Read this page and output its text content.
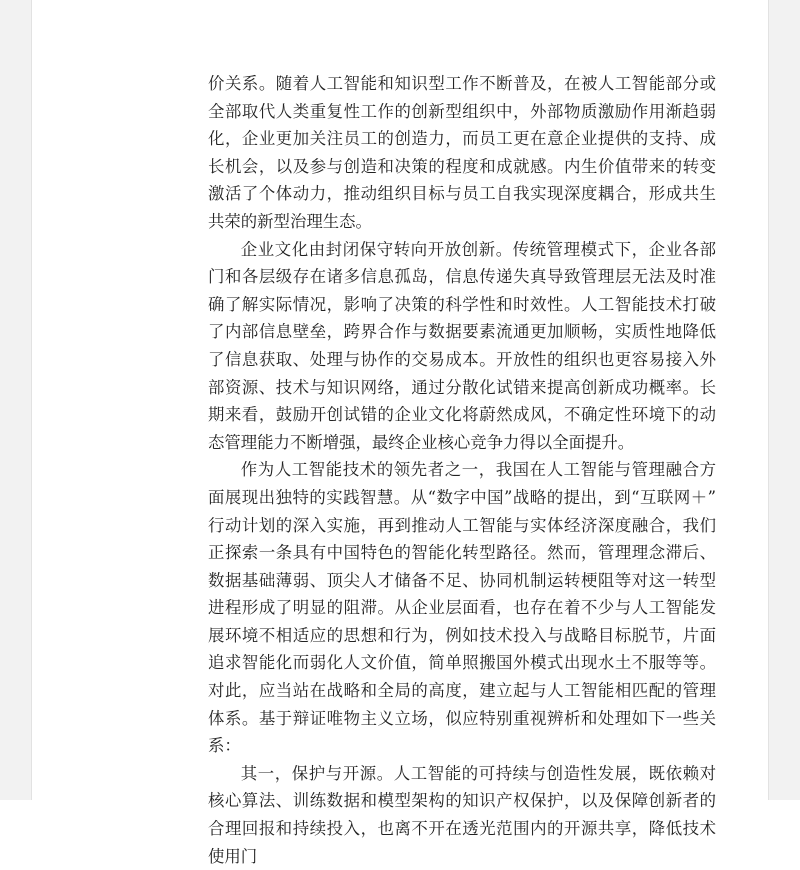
价关系。随着人工智能和知识型工作不断普及，在被人工智能部分或全部取代人类重复性工作的创新型组织中，外部物质激励作用渐趋弱化，企业更加关注员工的创造力，而员工更在意企业提供的支持、成长机会，以及参与创造和决策的程度和成就感。内生价值带来的转变激活了个体动力，推动组织目标与员工自我实现深度耦合，形成共生共荣的新型治理生态。

企业文化由封闭保守转向开放创新。传统管理模式下，企业各部门和各层级存在诸多信息孤岛，信息传递失真导致管理层无法及时准确了解实际情况，影响了决策的科学性和时效性。人工智能技术打破了内部信息壁垒，跨界合作与数据要素流通更加顺畅，实质性地降低了信息获取、处理与协作的交易成本。开放性的组织也更容易接入外部资源、技术与知识网络，通过分散化试错来提高创新成功概率。长期来看，鼓励开创试错的企业文化将蔚然成风，不确定性环境下的动态管理能力不断增强，最终企业核心竞争力得以全面提升。

作为人工智能技术的领先者之一，我国在人工智能与管理融合方面展现出独特的实践智慧。从“数字中国”战略的提出，到“互联网＋”行动计划的深入实施，再到推动人工智能与实体经济深度融合，我们正探索一条具有中国特色的智能化转型路径。然而，管理理念滞后、数据基础薄弱、顶尖人才储备不足、协同机制运转梗阻等对这一转型进程形成了明显的阻滞。从企业层面看，也存在着不少与人工智能发展环境不相适应的思想和行为，例如技术投入与战略目标脱节，片面追求智能化而弱化人文价值，简单照搬国外模式出现水土不服等等。对此，应当站在战略和全局的高度，建立起与人工智能相匹配的管理体系。基于辩证唯物主义立场，似应特别重视辨析和处理如下一些关系：

其一，保护与开源。人工智能的可持续与创造性发展，既依赖对核心算法、训练数据和模型架构的知识产权保护，以及保障创新者的合理回报和持续投入，也离不开在透光范围内的开源共享，降低技术使用门
